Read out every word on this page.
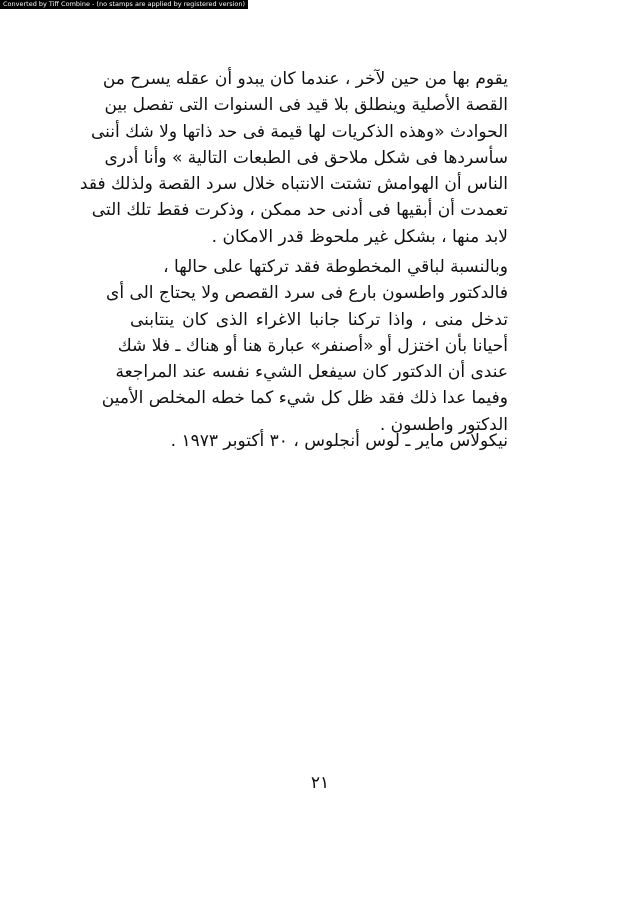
Converted by Tiff Combine - (no stamps are applied by registered version)
يقوم بها من حين لآخر ، عندما كان يبدو أن عقله يسرح من
القصة الأصلية وينطلق بلا قيد فى السنوات التى تفصل بين
الحوادث «وهذه الذكريات لها قيمة فى حد ذاتها ولا شك أننى
سأسردها فى شكل ملاحق فى الطبعات التالية » وأنا أدرى
الناس أن الهوامش تشتت الانتباه خلال سرد القصة ولذلك فقد
تعمدت أن أبقيها فى أدنى حد ممكن ، وذكرت فقط تلك التى
لابد منها ، بشكل غير ملحوظ قدر الامكان .
وبالنسبة لباقي المخطوطة فقد تركتها على حالها ،
فالدكتور واطسون بارع فى سرد القصص ولا يحتاج الى أى
تدخل منى ، واذا تركنا جانبا الاغراء الذى كان ينتابنى
أحيانا بأن اختزل أو «أصنفر» عبارة هنا أو هناك ـ فلا شك
عندى أن الدكتور كان سيفعل الشيء نفسه عند المراجعة
وفيما عدا ذلك فقد ظل كل شيء كما خطه المخلص الأمين
الدكتور واطسون .
نيكولاس ماير ـ لوس أنجلوس ، ٣٠ أكتوبر ١٩٧٣ .
٢١
